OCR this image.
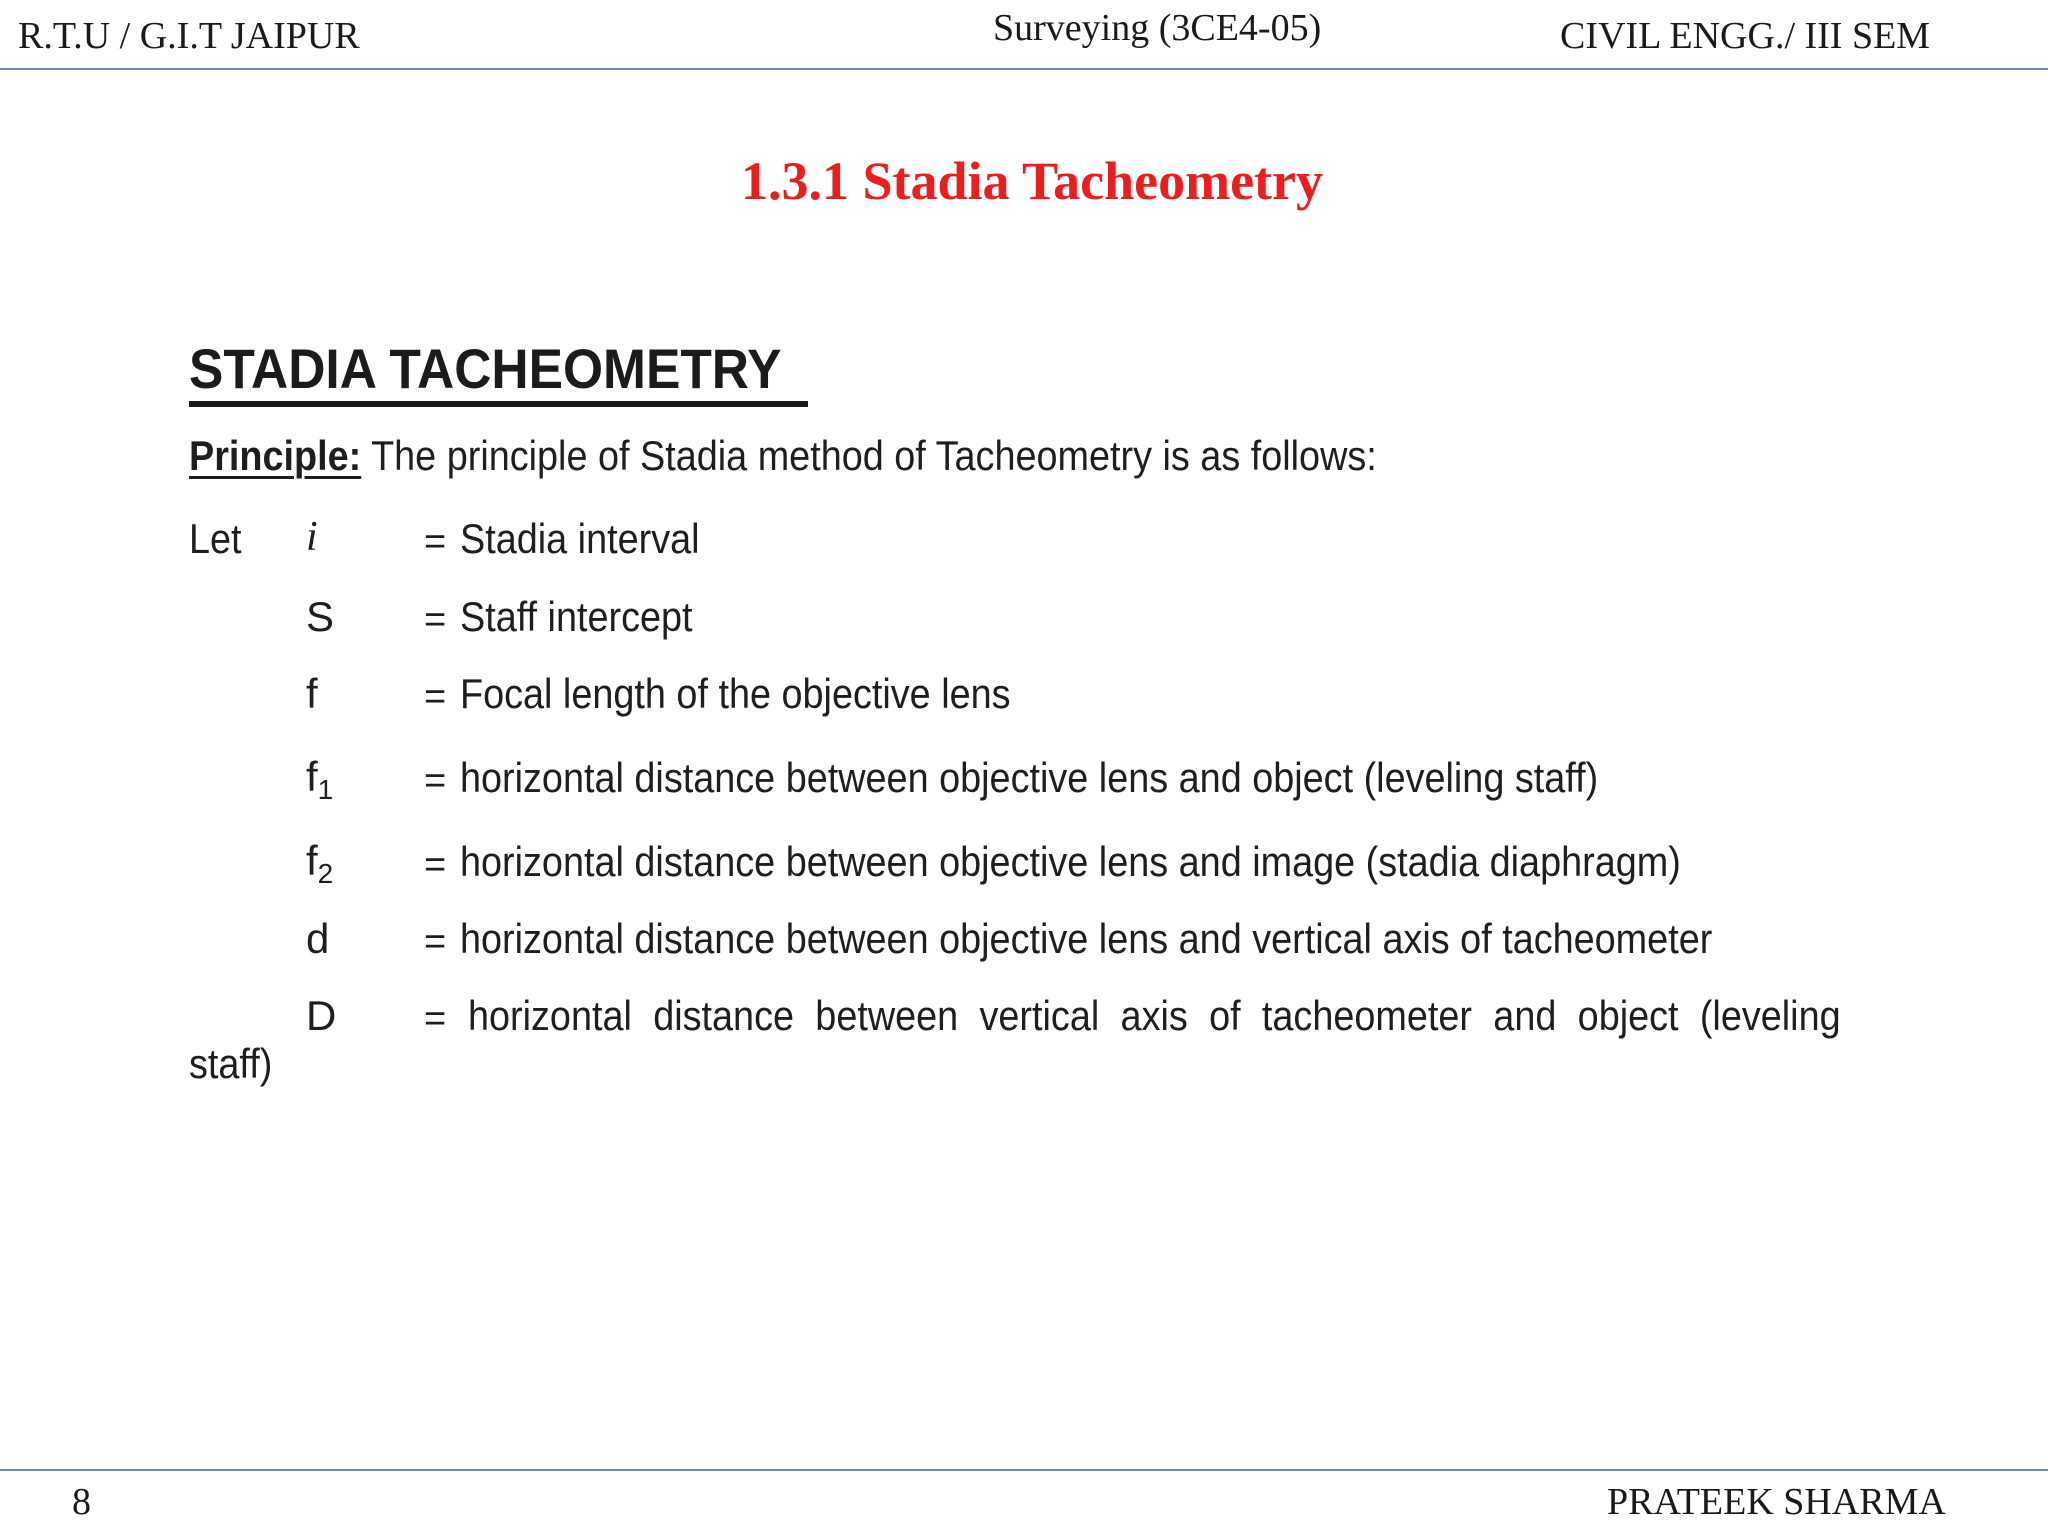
R.T.U / G.I.T JAIPUR	Surveying (3CE4-05)	CIVIL ENGG./ III SEM
1.3.1 Stadia Tacheometry
STADIA TACHEOMETRY
Principle: The principle of Stadia method of Tacheometry is as follows:
Let i	= Stadia interval
S = Staff intercept
f	= Focal length of the objective lens
$f_1$ = horizontal distance between objective lens and object (leveling staff)
$f_2$ = horizontal distance between objective lens and image (stadia diaphragm)
d = horizontal distance between objective lens and vertical axis of tacheometer
D = horizontal distance between vertical axis of tacheometer and object (leveling
staff)
8	PRATEEK SHARMA
